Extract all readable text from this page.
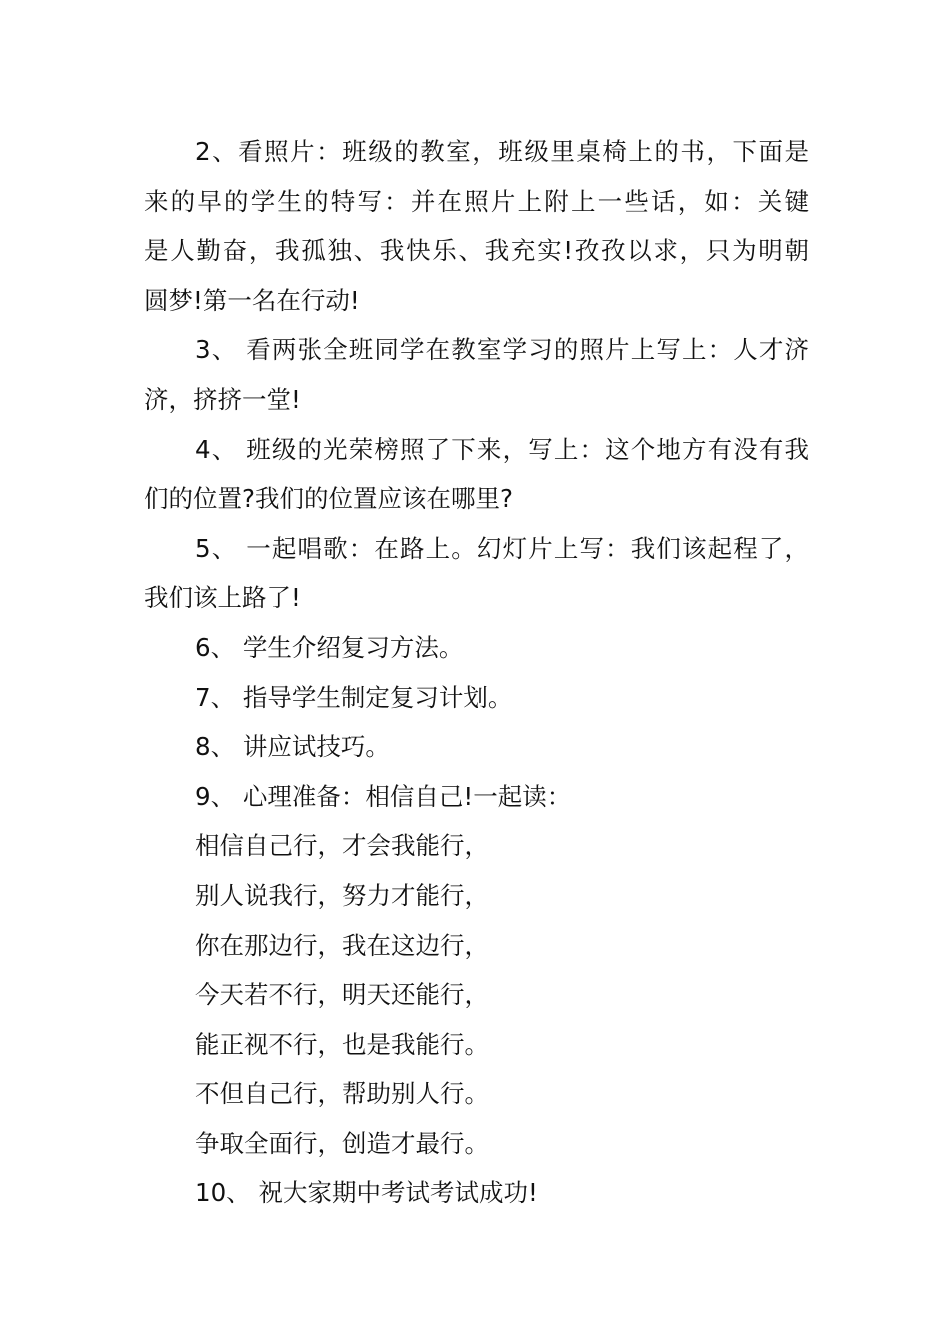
2、看照片：班级的教室，班级里桌椅上的书，下面是
来的早的学生的特写：并在照片上附上一些话，如：关键
是人勤奋，我孤独、我快乐、我充实!孜孜以求，只为明朝
圆梦!第一名在行动!
3、 看两张全班同学在教室学习的照片上写上：人才济
济，挤挤一堂!
4、 班级的光荣榜照了下来，写上：这个地方有没有我
们的位置?我们的位置应该在哪里?
5、 一起唱歌：在路上。幻灯片上写：我们该起程了，
我们该上路了!
6、 学生介绍复习方法。
7、 指导学生制定复习计划。
8、 讲应试技巧。
9、 心理准备：相信自己!一起读：
相信自己行，才会我能行，
别人说我行，努力才能行，
你在那边行，我在这边行，
今天若不行，明天还能行，
能正视不行，也是我能行。
不但自己行，帮助别人行。
争取全面行，创造才最行。
10、 祝大家期中考试考试成功!
